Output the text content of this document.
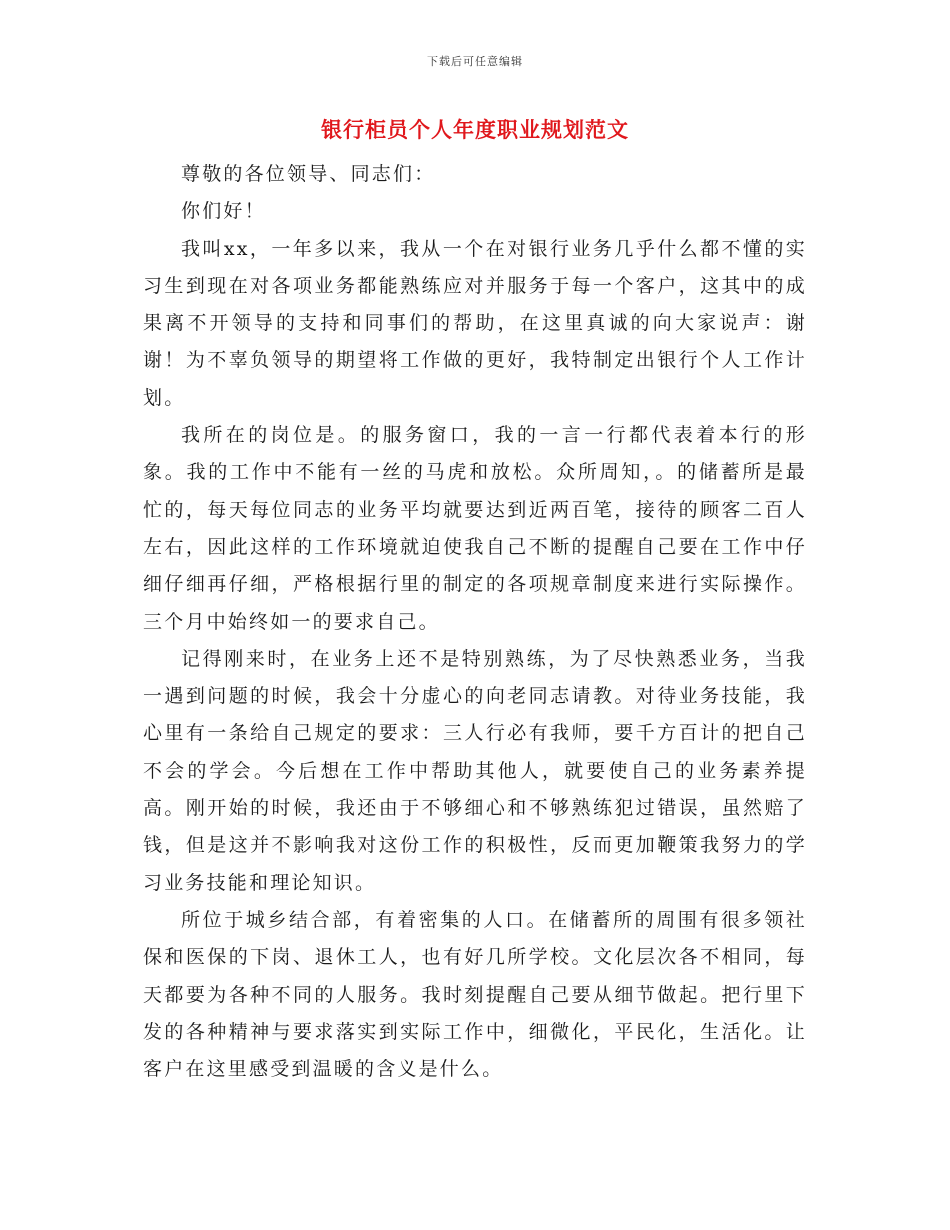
下载后可任意编辑
银行柜员个人年度职业规划范文

尊敬的各位领导、同志们：

你们好！

我叫xx，一年多以来，我从一个在对银行业务几乎什么都不懂的实习生到现在对各项业务都能熟练应对并服务于每一个客户，这其中的成果离不开领导的支持和同事们的帮助，在这里真诚的向大家说声：谢谢！为不辜负领导的期望将工作做的更好，我特制定出银行个人工作计划。

我所在的岗位是。的服务窗口，我的一言一行都代表着本行的形象。我的工作中不能有一丝的马虎和放松。众所周知，。的储蓄所是最忙的，每天每位同志的业务平均就要达到近两百笔，接待的顾客二百人左右，因此这样的工作环境就迫使我自己不断的提醒自己要在工作中仔细仔细再仔细，严格根据行里的制定的各项规章制度来进行实际操作。三个月中始终如一的要求自己。

记得刚来时，在业务上还不是特别熟练，为了尽快熟悉业务，当我一遇到问题的时候，我会十分虚心的向老同志请教。对待业务技能，我心里有一条给自己规定的要求：三人行必有我师，要千方百计的把自己不会的学会。今后想在工作中帮助其他人，就要使自己的业务素养提高。刚开始的时候，我还由于不够细心和不够熟练犯过错误，虽然赔了钱，但是这并不影响我对这份工作的积极性，反而更加鞭策我努力的学习业务技能和理论知识。

所位于城乡结合部，有着密集的人口。在储蓄所的周围有很多领社保和医保的下岗、退休工人，也有好几所学校。文化层次各不相同，每天都要为各种不同的人服务。我时刻提醒自己要从细节做起。把行里下发的各种精神与要求落实到实际工作中，细微化，平民化，生活化。让客户在这里感受到温暖的含义是什么。
